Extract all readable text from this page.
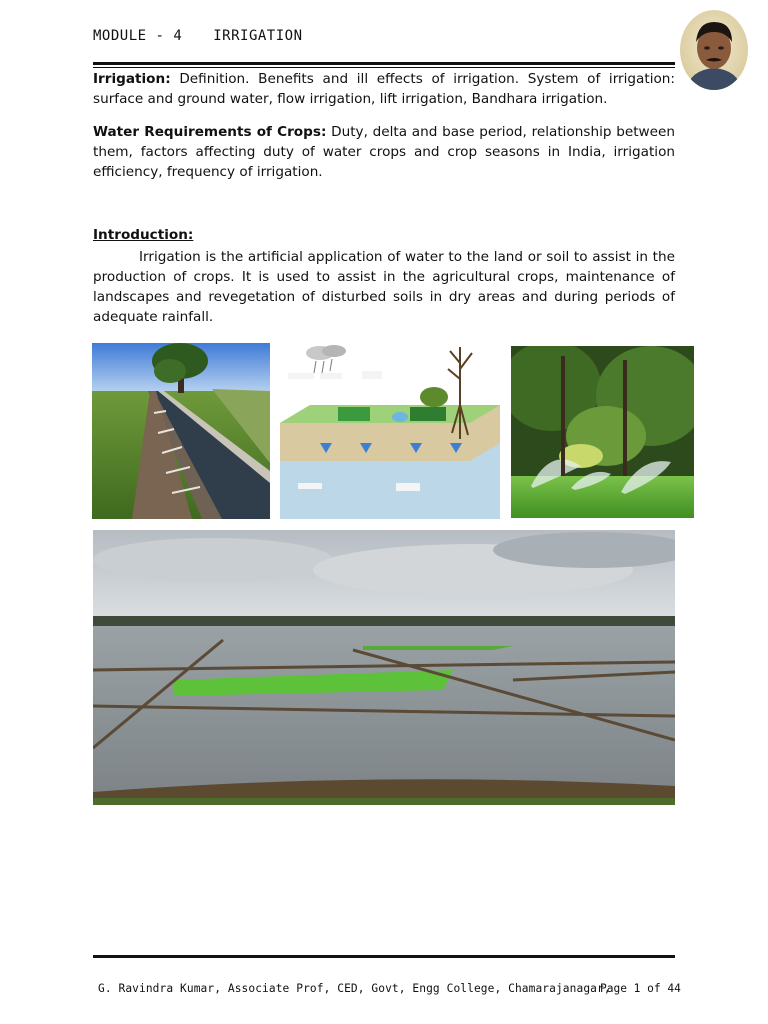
MODULE - 4 IRRIGATION

Irrigation: Definition. Benefits and ill effects of irrigation. System of irrigation: surface and ground water, flow irrigation, lift irrigation, Bandhara irrigation.

Water Requirements of Crops: Duty, delta and base period, relationship between them, factors affecting duty of water crops and crop seasons in India, irrigation efficiency, frequency of irrigation.

Introduction:

Irrigation is the artificial application of water to the land or soil to assist in the production of crops. It is used to assist in the agricultural crops, maintenance of landscapes and revegetation of disturbed soils in dry areas and during periods of adequate rainfall.

G. Ravindra Kumar, Associate Prof, CED, Govt, Engg College, Chamarajanagar,
Page 1 of 44
